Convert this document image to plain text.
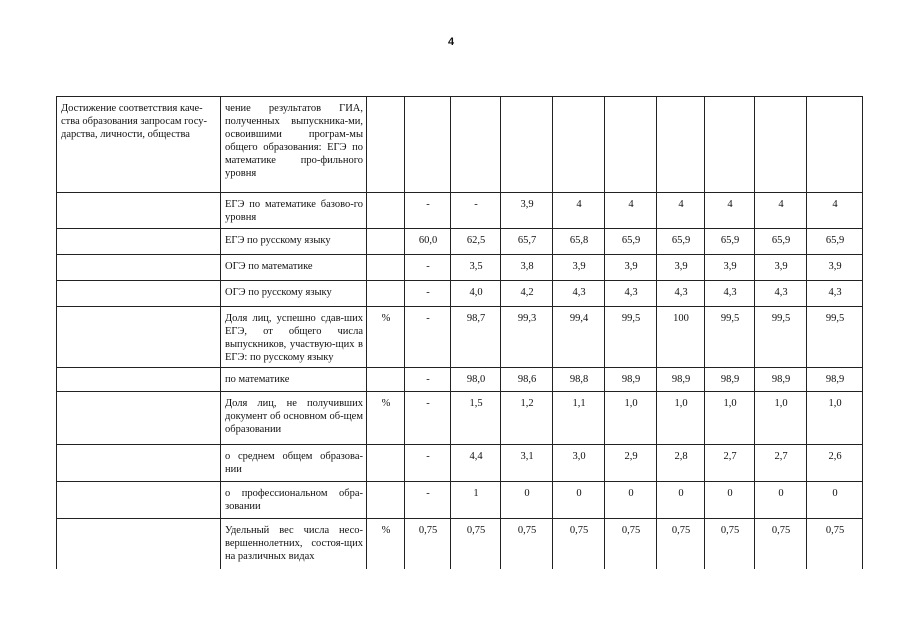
4
Достижение соответствия каче-ства образования запросам госу-дарства, личности, общества	чение результатов ГИА, полученных выпускника-ми, освоившими програм-мы общего образования: ЕГЭ по математике про-фильного уровня										
	ЕГЭ по математике базово-го уровня		-	-	3,9	4	4	4	4	4	4
	ЕГЭ по русскому языку		60,0	62,5	65,7	65,8	65,9	65,9	65,9	65,9	65,9
	ОГЭ по математике		-	3,5	3,8	3,9	3,9	3,9	3,9	3,9	3,9
	ОГЭ по русскому языку		-	4,0	4,2	4,3	4,3	4,3	4,3	4,3	4,3
	Доля лиц, успешно сдав-ших ЕГЭ, от общего числа выпускников, участвую-щих в ЕГЭ: по русскому языку	%	-	98,7	99,3	99,4	99,5	100	99,5	99,5	99,5
	по математике		-	98,0	98,6	98,8	98,9	98,9	98,9	98,9	98,9
	Доля лиц, не получивших документ об основном об-щем образовании	%	-	1,5	1,2	1,1	1,0	1,0	1,0	1,0	1,0
	о среднем общем образова-нии		-	4,4	3,1	3,0	2,9	2,8	2,7	2,7	2,6
	о профессиональном обра-зовании		-	1	0	0	0	0	0	0	0
	Удельный вес числа несо-вершеннолетних, состоя-щих на различных видах	%	0,75	0,75	0,75	0,75	0,75	0,75	0,75	0,75	0,75
